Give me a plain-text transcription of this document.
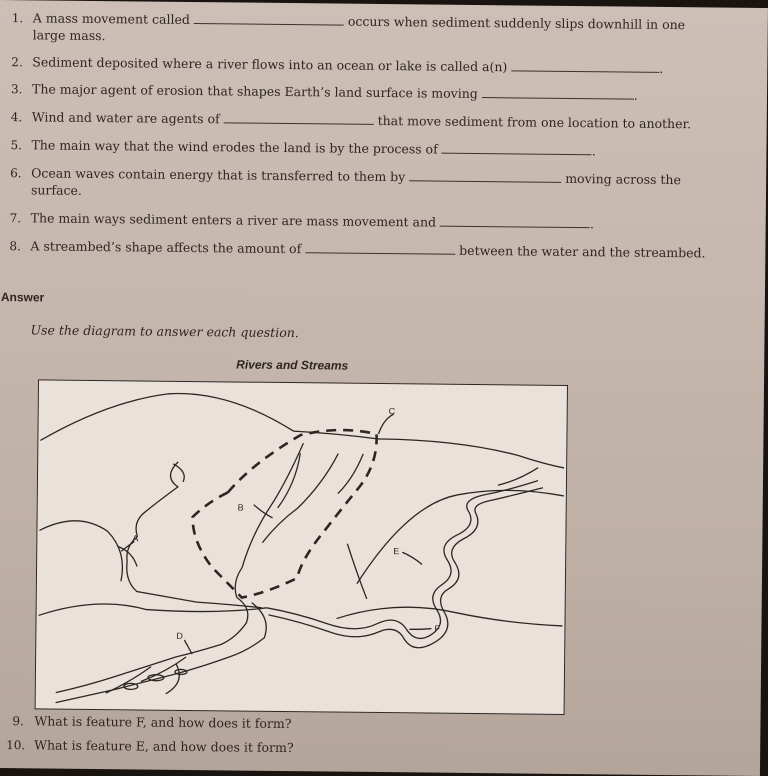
1. A mass movement called	occurs when sediment suddenly slips downhill in one
large mass.
2. Sediment deposited where a river flows into an ocean or lake is called a(n)	.
3. The major agent of erosion that shapes Earth’s land surface is moving	.
4. Wind and water are agents of	that move sediment from one location to another.
5. The main way that the wind erodes the land is by the process of	.
6. Ocean waves contain energy that is transferred to them by	moving across the
surface.
7. The main ways sediment enters a river are mass movement and	.
8. A streambed’s shape affects the amount of	between the water and the streambed.
Answer
Use the diagram to answer each question.
Rivers and Streams
C
B
A
E
F
D
9. What is feature F, and how does it form?
10. What is feature E, and how does it form?
